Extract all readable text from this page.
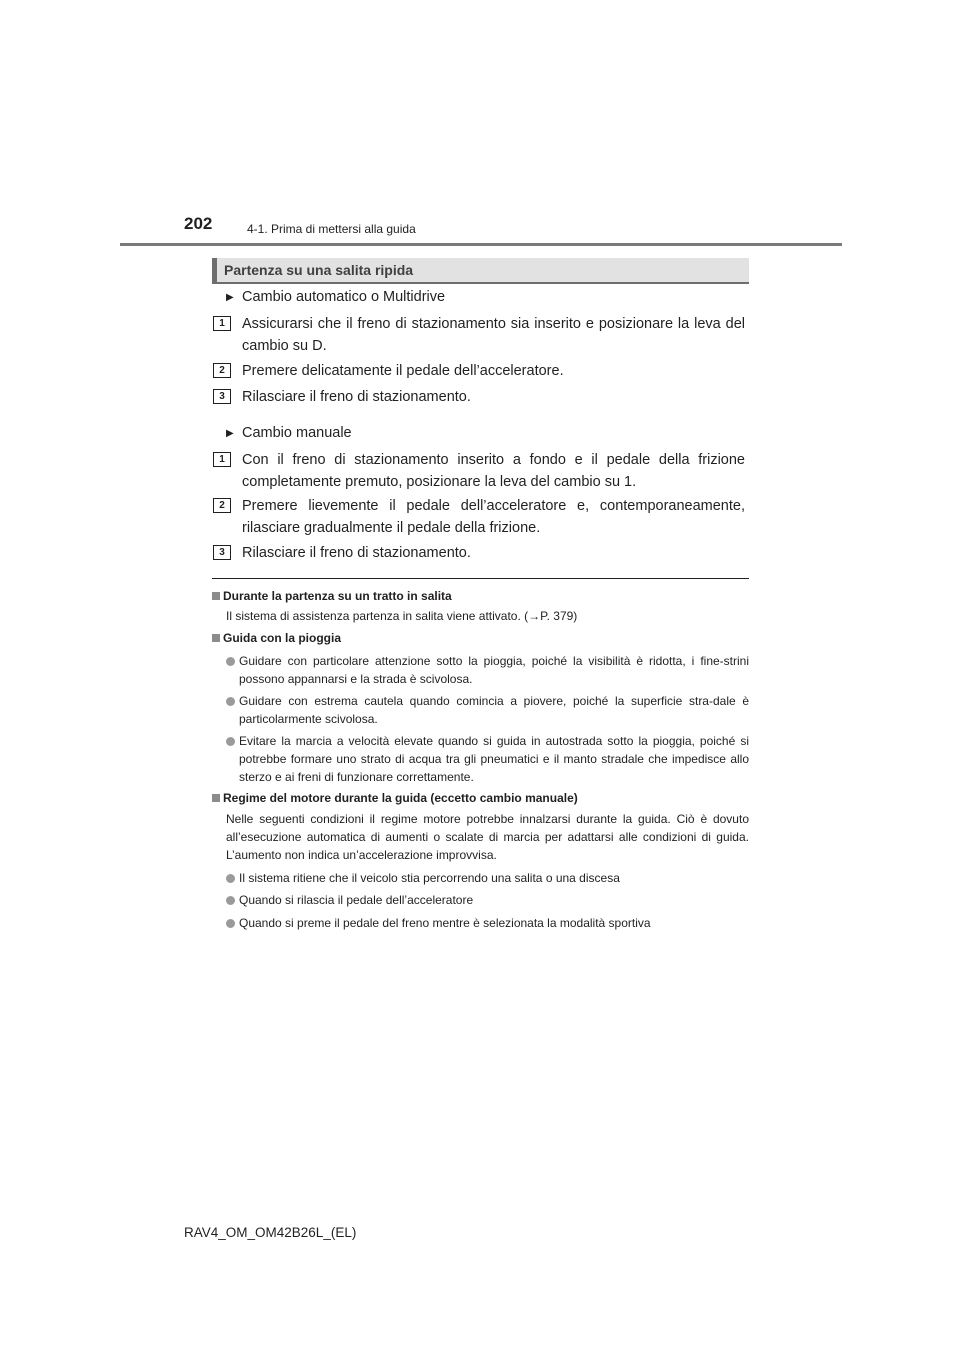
202	4-1. Prima di mettersi alla guida
Partenza su una salita ripida
▶ Cambio automatico o Multidrive
1	Assicurarsi che il freno di stazionamento sia inserito e posizionare la leva del cambio su D.
2	Premere delicatamente il pedale dell’acceleratore.
3	Rilasciare il freno di stazionamento.
▶ Cambio manuale
1	Con il freno di stazionamento inserito a fondo e il pedale della frizione completamente premuto, posizionare la leva del cambio su 1.
2	Premere lievemente il pedale dell’acceleratore e, contemporaneamente, rilasciare gradualmente il pedale della frizione.
3	Rilasciare il freno di stazionamento.
Durante la partenza su un tratto in salita
Il sistema di assistenza partenza in salita viene attivato. (→P. 379)
Guida con la pioggia
Guidare con particolare attenzione sotto la pioggia, poiché la visibilità è ridotta, i fine-strini possono appannarsi e la strada è scivolosa.
Guidare con estrema cautela quando comincia a piovere, poiché la superficie stra-dale è particolarmente scivolosa.
Evitare la marcia a velocità elevate quando si guida in autostrada sotto la pioggia, poiché si potrebbe formare uno strato di acqua tra gli pneumatici e il manto stradale che impedisce allo sterzo e ai freni di funzionare correttamente.
Regime del motore durante la guida (eccetto cambio manuale)
Nelle seguenti condizioni il regime motore potrebbe innalzarsi durante la guida. Ciò è dovuto all’esecuzione automatica di aumenti o scalate di marcia per adattarsi alle condizioni di guida. L’aumento non indica un’accelerazione improvvisa.
Il sistema ritiene che il veicolo stia percorrendo una salita o una discesa
Quando si rilascia il pedale dell’acceleratore
Quando si preme il pedale del freno mentre è selezionata la modalità sportiva
RAV4_OM_OM42B26L_(EL)
